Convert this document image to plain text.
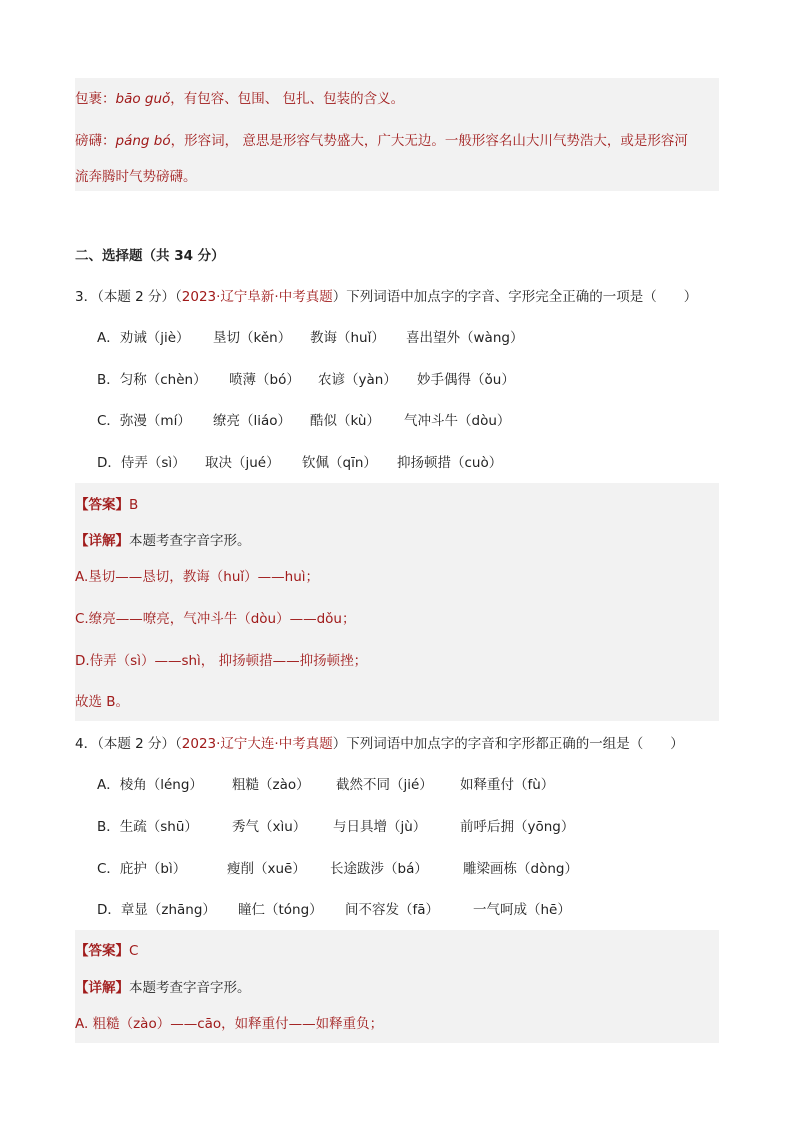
包裹：bāo guǒ，有包容、包围、 包扎、包装的含义。
磅礴：páng bó，形容词， 意思是形容气势盛大，广大无边。一般形容名山大川气势浩大，或是形容河
流奔腾时气势磅礴。
二、选择题（共 34 分）
3．（本题 2 分）（2023·辽宁阜新·中考真题）下列词语中加点字的字音、字形完全正确的一项是（　　）
A．劝诫（jiè） 垦切（kěn） 教诲（huǐ） 喜出望外（wàng）
B．匀称（chèn） 喷薄（bó） 农谚（yàn） 妙手偶得（ǒu）
C．弥漫（mí） 缭亮（liáo） 酷似（kù） 气冲斗牛（dòu）
D．侍弄（sì） 取决（jué） 钦佩（qīn） 抑扬顿措（cuò）
【答案】B
【详解】本题考查字音字形。
A.垦切——恳切，教诲（huǐ）——huì；
C.缭亮——嘹亮，气冲斗牛（dòu）——dǒu；
D.侍弄（sì）——shì， 抑扬顿措——抑扬顿挫；
故选 B。
4．（本题 2 分）（2023·辽宁大连·中考真题）下列词语中加点字的字音和字形都正确的一组是（　　）
A．棱角（léng） 粗糙（zào） 截然不同（jié） 如释重付（fù）
B．生疏（shū）	秀气（xìu） 与日具增（jù） 前呼后拥（yōng）
C．庇护（bì）	瘦削（xuē） 长途跋涉（bá）	雕梁画栋（dòng）
D．章显（zhāng） 瞳仁（tóng） 间不容发（fā）	一气呵成（hē）
【答案】C
【详解】本题考查字音字形。
A. 粗糙（zào）——cāo，如释重付——如释重负；
